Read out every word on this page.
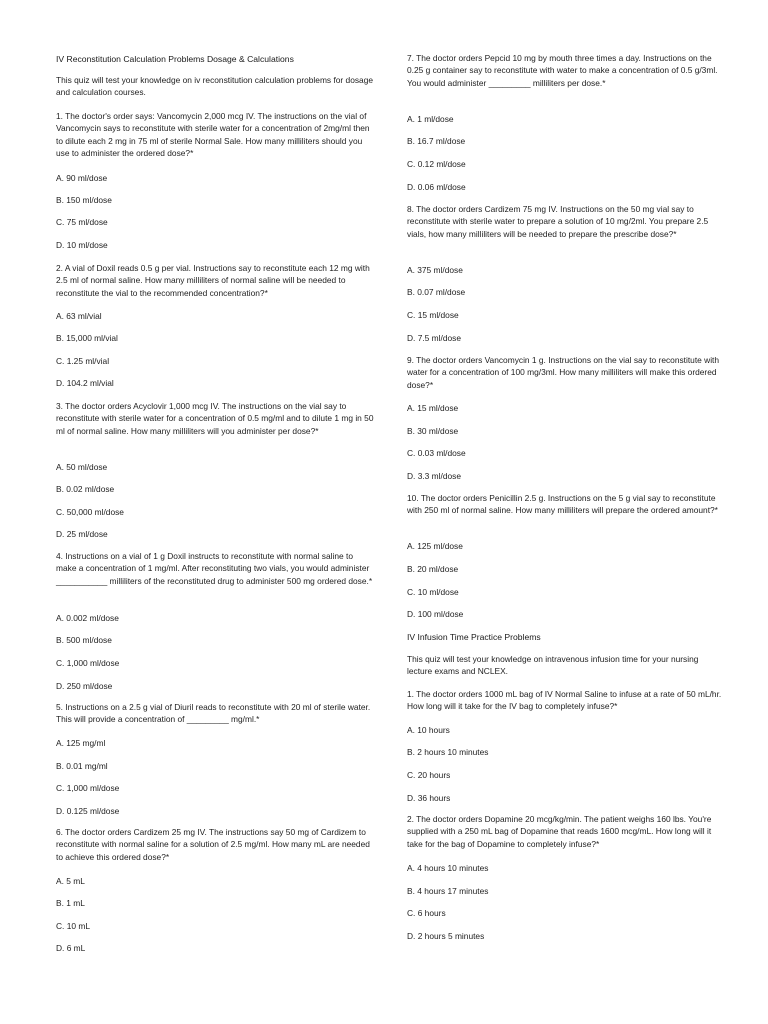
IV Reconstitution Calculation Problems Dosage & Calculations
This quiz will test your knowledge on iv reconstitution calculation problems for dosage and calculation courses.
1. The doctor's order says: Vancomycin 2,000 mcg IV. The instructions on the vial of Vancomycin says to reconstitute with sterile water for a concentration of 2mg/ml then to dilute each 2 mg in 75 ml of sterile Normal Sale. How many milliliters should you use to administer the ordered dose?*
A. 90 ml/dose
B. 150 ml/dose
C. 75 ml/dose
D. 10 ml/dose
2. A vial of Doxil reads 0.5 g per vial. Instructions say to reconstitute each 12 mg with 2.5 ml of normal saline. How many milliliters of normal saline will be needed to reconstitute the vial to the recommended concentration?*
A. 63 ml/vial
B. 15,000 ml/vial
C. 1.25 ml/vial
D. 104.2 ml/vial
3. The doctor orders Acyclovir 1,000 mcg IV. The instructions on the vial say to reconstitute with sterile water for a concentration of 0.5 mg/ml and to dilute 1 mg in 50 ml of normal saline. How many milliliters will you administer per dose?*
A. 50 ml/dose
B. 0.02 ml/dose
C. 50,000 ml/dose
D. 25 ml/dose
4. Instructions on a vial of 1 g Doxil instructs to reconstitute with normal saline to make a concentration of 1 mg/ml. After reconstituting two vials, you would administer ___________ milliliters of the reconstituted drug to administer 500 mg ordered dose.*
A. 0.002 ml/dose
B. 500 ml/dose
C. 1,000 ml/dose
D. 250 ml/dose
5. Instructions on a 2.5 g vial of Diuril reads to reconstitute with 20 ml of sterile water. This will provide a concentration of _________ mg/ml.*
A. 125 mg/ml
B. 0.01 mg/ml
C. 1,000 ml/dose
D. 0.125 ml/dose
6. The doctor orders Cardizem 25 mg IV. The instructions say 50 mg of Cardizem to reconstitute with normal saline for a solution of 2.5 mg/ml. How many mL are needed to achieve this ordered dose?*
A. 5 mL
B. 1 mL
C. 10 mL
D. 6 mL
7. The doctor orders Pepcid 10 mg by mouth three times a day. Instructions on the 0.25 g container say to reconstitute with water to make a concentration of 0.5 g/3ml. You would administer _________ milliliters per dose.*
A. 1 ml/dose
B. 16.7 ml/dose
C. 0.12 ml/dose
D. 0.06 ml/dose
8. The doctor orders Cardizem 75 mg IV. Instructions on the 50 mg vial say to reconstitute with sterile water to prepare a solution of 10 mg/2ml. You prepare 2.5 vials, how many milliliters will be needed to prepare the prescribe dose?*
A. 375 ml/dose
B. 0.07 ml/dose
C. 15 ml/dose
D. 7.5 ml/dose
9. The doctor orders Vancomycin 1 g. Instructions on the vial say to reconstitute with water for a concentration of 100 mg/3ml. How many milliliters will make this ordered dose?*
A. 15 ml/dose
B. 30 ml/dose
C. 0.03 ml/dose
D. 3.3 ml/dose
10. The doctor orders Penicillin 2.5 g. Instructions on the 5 g vial say to reconstitute with 250 ml of normal saline. How many milliliters will prepare the ordered amount?*
A. 125 ml/dose
B. 20 ml/dose
C. 10 ml/dose
D. 100 ml/dose
IV Infusion Time Practice Problems
This quiz will test your knowledge on intravenous infusion time for your nursing lecture exams and NCLEX.
1. The doctor orders 1000 mL bag of IV Normal Saline to infuse at a rate of 50 mL/hr. How long will it take for the IV bag to completely infuse?*
A. 10 hours
B. 2 hours 10 minutes
C. 20 hours
D. 36 hours
2. The doctor orders Dopamine 20 mcg/kg/min. The patient weighs 160 lbs. You're supplied with a 250 mL bag of Dopamine that reads 1600 mcg/mL. How long will it take for the bag of Dopamine to completely infuse?*
A. 4 hours 10 minutes
B. 4 hours 17 minutes
C. 6 hours
D. 2 hours 5 minutes
